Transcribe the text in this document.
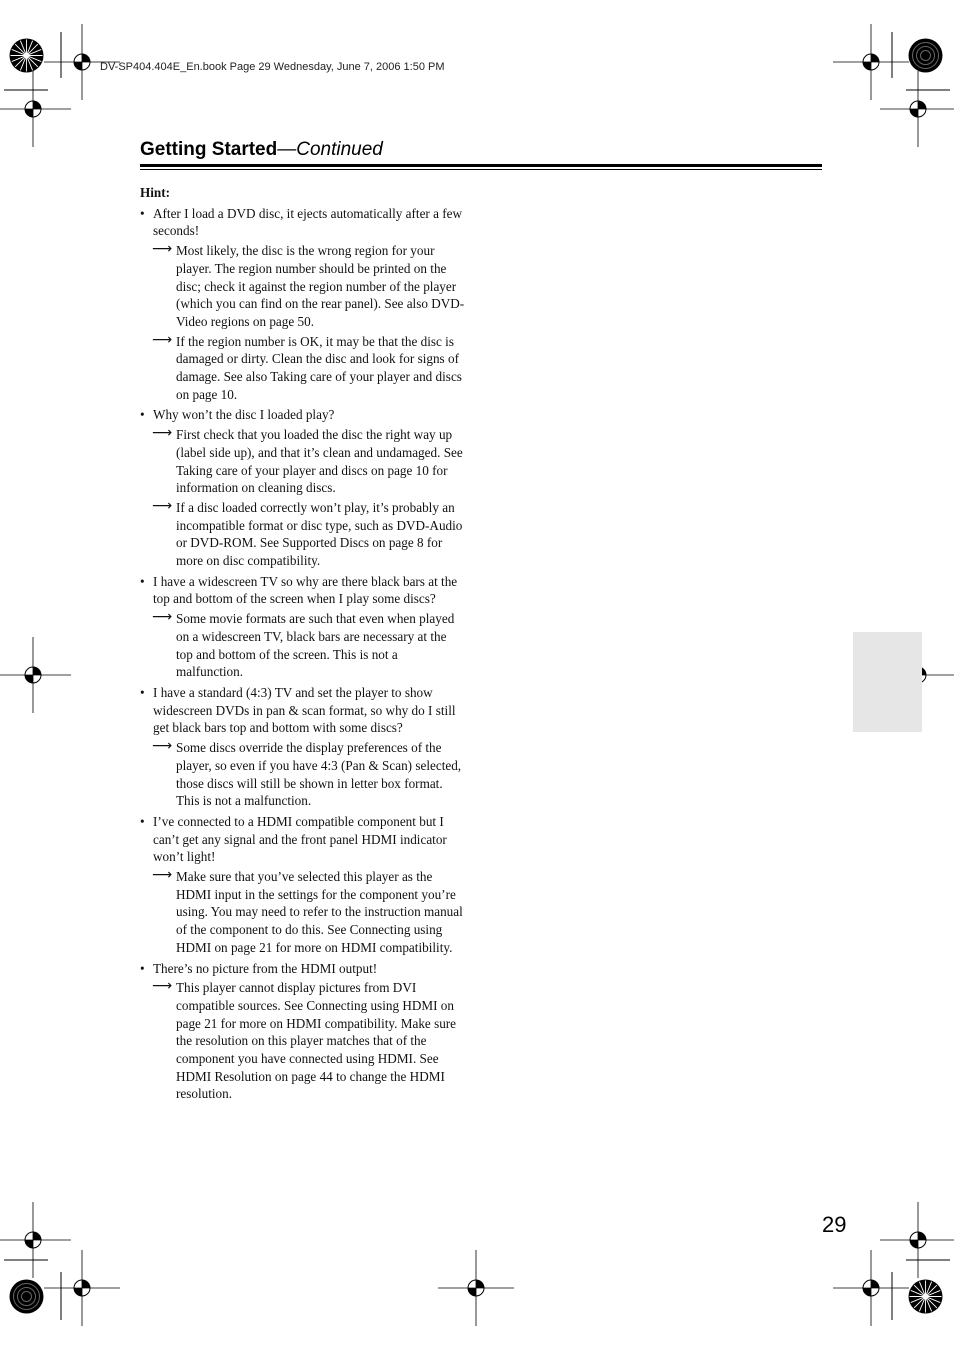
DV-SP404.404E_En.book Page 29 Wednesday, June 7, 2006 1:50 PM
Getting Started—Continued
Hint:
• After I load a DVD disc, it ejects automatically after a few seconds!
⟶ Most likely, the disc is the wrong region for your player. The region number should be printed on the disc; check it against the region number of the player (which you can find on the rear panel). See also DVD-Video regions on page 50.
⟶ If the region number is OK, it may be that the disc is damaged or dirty. Clean the disc and look for signs of damage. See also Taking care of your player and discs on page 10.
• Why won’t the disc I loaded play?
⟶ First check that you loaded the disc the right way up (label side up), and that it’s clean and undamaged. See Taking care of your player and discs on page 10 for information on cleaning discs.
⟶ If a disc loaded correctly won’t play, it’s probably an incompatible format or disc type, such as DVD-Audio or DVD-ROM. See Supported Discs on page 8 for more on disc compatibility.
• I have a widescreen TV so why are there black bars at the top and bottom of the screen when I play some discs?
⟶ Some movie formats are such that even when played on a widescreen TV, black bars are necessary at the top and bottom of the screen. This is not a malfunction.
• I have a standard (4:3) TV and set the player to show widescreen DVDs in pan & scan format, so why do I still get black bars top and bottom with some discs?
⟶ Some discs override the display preferences of the player, so even if you have 4:3 (Pan & Scan) selected, those discs will still be shown in letter box format.
This is not a malfunction.
• I’ve connected to a HDMI compatible component but I can’t get any signal and the front panel HDMI indicator won’t light!
⟶ Make sure that you’ve selected this player as the HDMI input in the settings for the component you’re using. You may need to refer to the instruction manual of the component to do this. See Connecting using HDMI on page 21 for more on HDMI compatibility.
• There’s no picture from the HDMI output!
⟶ This player cannot display pictures from DVI compatible sources. See Connecting using HDMI on page 21 for more on HDMI compatibility. Make sure the resolution on this player matches that of the component you have connected using HDMI. See HDMI Resolution on page 44 to change the HDMI resolution.
29
